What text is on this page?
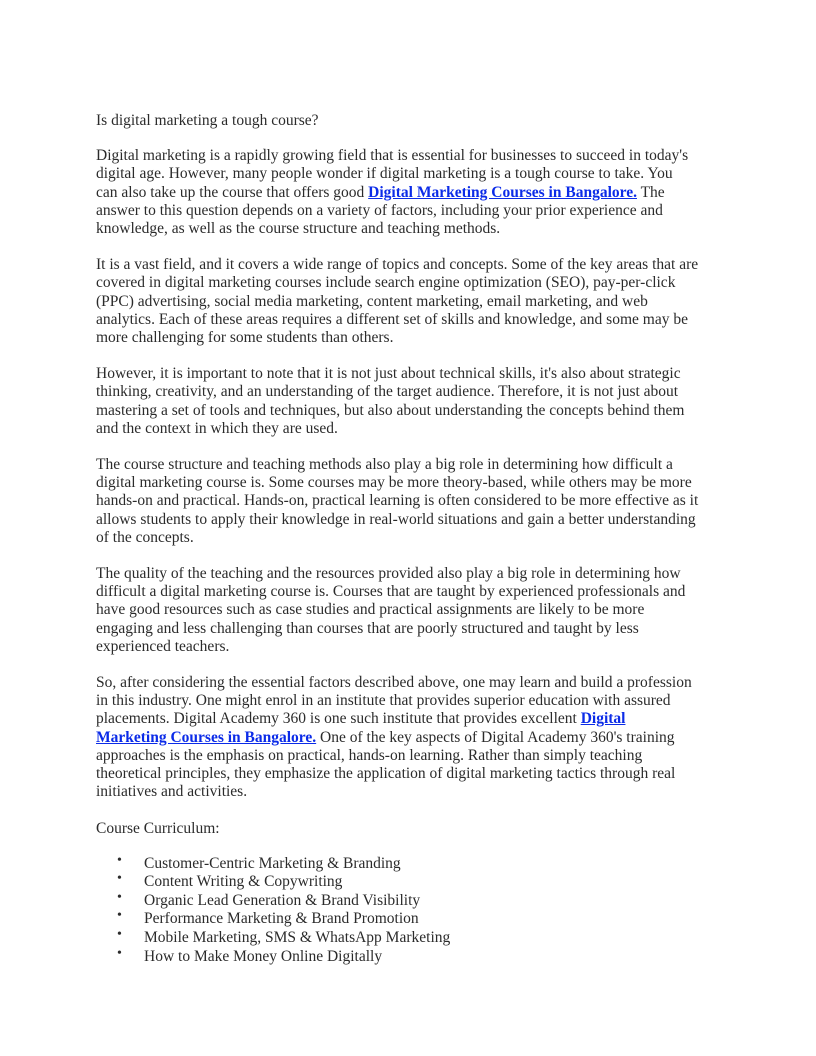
Is digital marketing a tough course?

Digital marketing is a rapidly growing field that is essential for businesses to succeed in today's
digital age. However, many people wonder if digital marketing is a tough course to take. You
can also take up the course that offers good Digital Marketing Courses in Bangalore. The
answer to this question depends on a variety of factors, including your prior experience and
knowledge, as well as the course structure and teaching methods.

It is a vast field, and it covers a wide range of topics and concepts. Some of the key areas that are
covered in digital marketing courses include search engine optimization (SEO), pay-per-click
(PPC) advertising, social media marketing, content marketing, email marketing, and web
analytics. Each of these areas requires a different set of skills and knowledge, and some may be
more challenging for some students than others.

However, it is important to note that it is not just about technical skills, it's also about strategic
thinking, creativity, and an understanding of the target audience. Therefore, it is not just about
mastering a set of tools and techniques, but also about understanding the concepts behind them
and the context in which they are used.

The course structure and teaching methods also play a big role in determining how difficult a
digital marketing course is. Some courses may be more theory-based, while others may be more
hands-on and practical. Hands-on, practical learning is often considered to be more effective as it
allows students to apply their knowledge in real-world situations and gain a better understanding
of the concepts.

The quality of the teaching and the resources provided also play a big role in determining how
difficult a digital marketing course is. Courses that are taught by experienced professionals and
have good resources such as case studies and practical assignments are likely to be more
engaging and less challenging than courses that are poorly structured and taught by less
experienced teachers.

So, after considering the essential factors described above, one may learn and build a profession
in this industry. One might enrol in an institute that provides superior education with assured
placements. Digital Academy 360 is one such institute that provides excellent Digital
Marketing Courses in Bangalore. One of the key aspects of Digital Academy 360's training
approaches is the emphasis on practical, hands-on learning. Rather than simply teaching
theoretical principles, they emphasize the application of digital marketing tactics through real
initiatives and activities.

Course Curriculum:

• Customer-Centric Marketing & Branding
• Content Writing & Copywriting
• Organic Lead Generation & Brand Visibility
• Performance Marketing & Brand Promotion
• Mobile Marketing, SMS & WhatsApp Marketing
• How to Make Money Online Digitally
